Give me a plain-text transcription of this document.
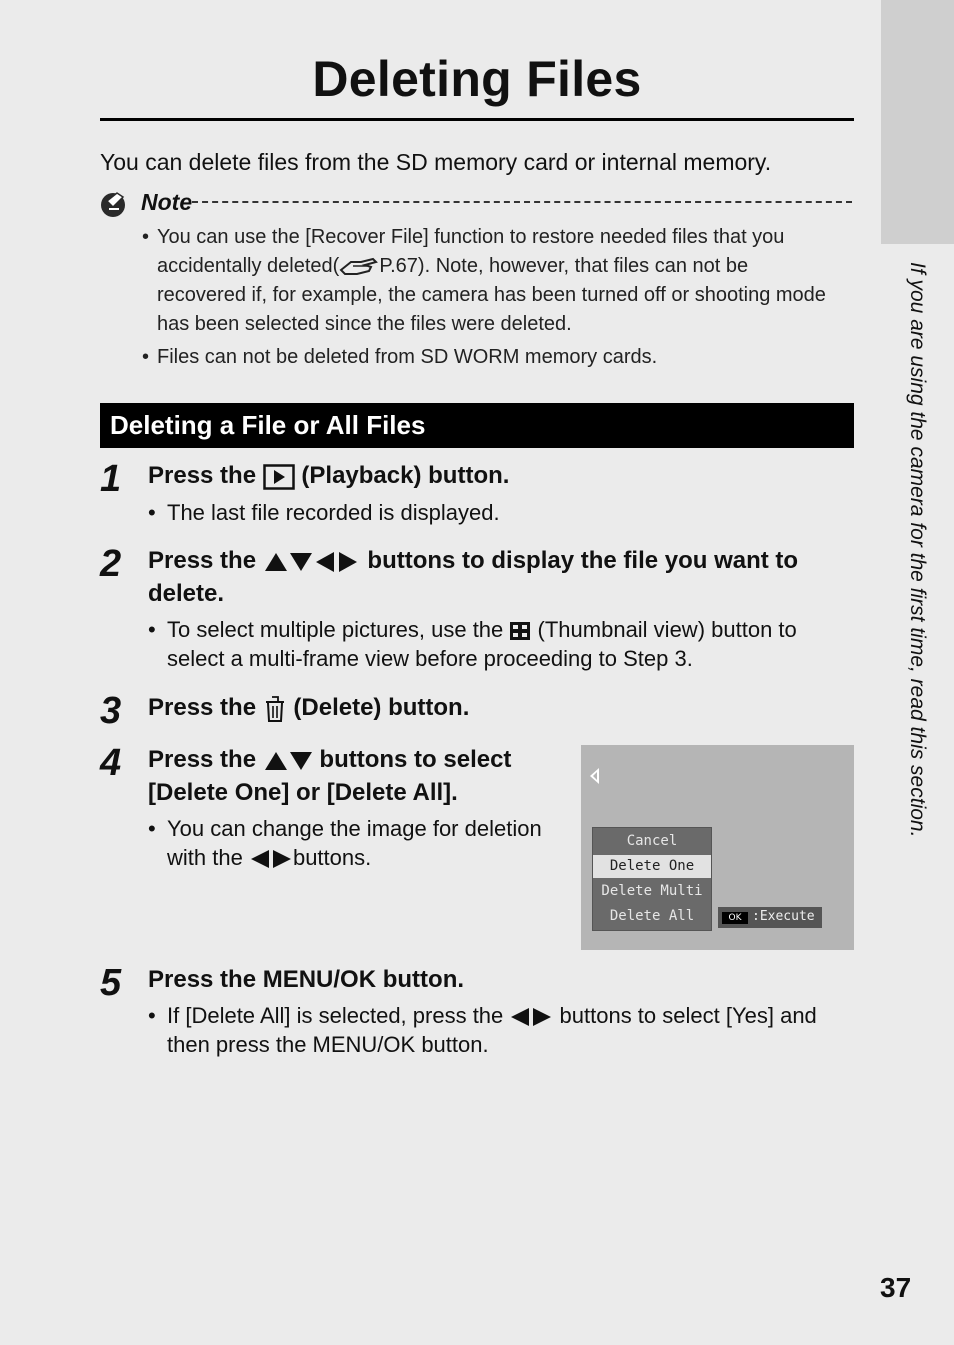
If you are using the camera for the first time, read this section.
Deleting Files
You can delete files from the SD memory card or internal memory.
Note
• You can use the [Recover File] function to restore needed files that you accidentally deleted( P.67). Note, however, that files can not be recovered if, for example, the camera has been turned off or shooting mode has been selected since the files were deleted.
• Files can not be deleted from SD WORM memory cards.
Deleting a File or All Files
1 Press the (Playback) button.
• The last file recorded is displayed.
2 Press the	buttons to display the file you want to
delete.
• To select multiple pictures, use the (Thumbnail view) button to
select a multi-frame view before proceeding to Step 3.
3 Press the (Delete) button.
4 Press the	buttons to select
[Delete One] or [Delete All].
• You can change the image for deletion
with the buttons.
Cancel
Delete One
Delete Multi
Delete All	OK :Execute
5 Press the MENU/OK button.
• If [Delete All] is selected, press the	buttons to select [Yes] and
then press the MENU/OK button.
37
